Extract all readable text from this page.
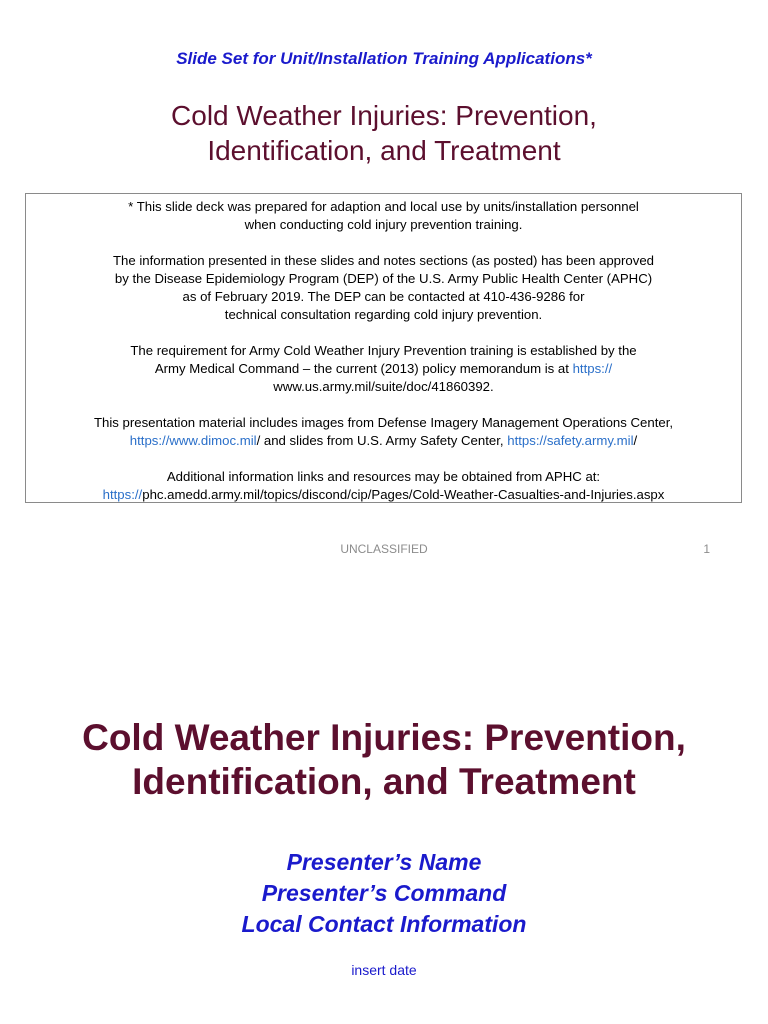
Slide Set for Unit/Installation Training Applications*
Cold Weather Injuries: Prevention,
Identification, and Treatment

* This slide deck was prepared for adaption and local use by units/installation personnel
when conducting cold injury prevention training.

The information presented in these slides and notes sections (as posted) has been approved
by the Disease Epidemiology Program (DEP) of the U.S. Army Public Health Center (APHC)
as of February 2019. The DEP can be contacted at 410-436-9286 for
technical consultation regarding cold injury prevention.

The requirement for Army Cold Weather Injury Prevention training is established by the
Army Medical Command – the current (2013) policy memorandum is at https://
www.us.army.mil/suite/doc/41860392.

This presentation material includes images from Defense Imagery Management Operations Center,
https://www.dimoc.mil/ and slides from U.S. Army Safety Center, https://safety.army.mil/

Additional information links and resources may be obtained from APHC at:
https://phc.amedd.army.mil/topics/discond/cip/Pages/Cold-Weather-Casualties-and-Injuries.aspx

UNCLASSIFIED	1
Cold Weather Injuries: Prevention,
Identification, and Treatment
Presenter’s Name
Presenter’s Command
Local Contact Information
insert date
